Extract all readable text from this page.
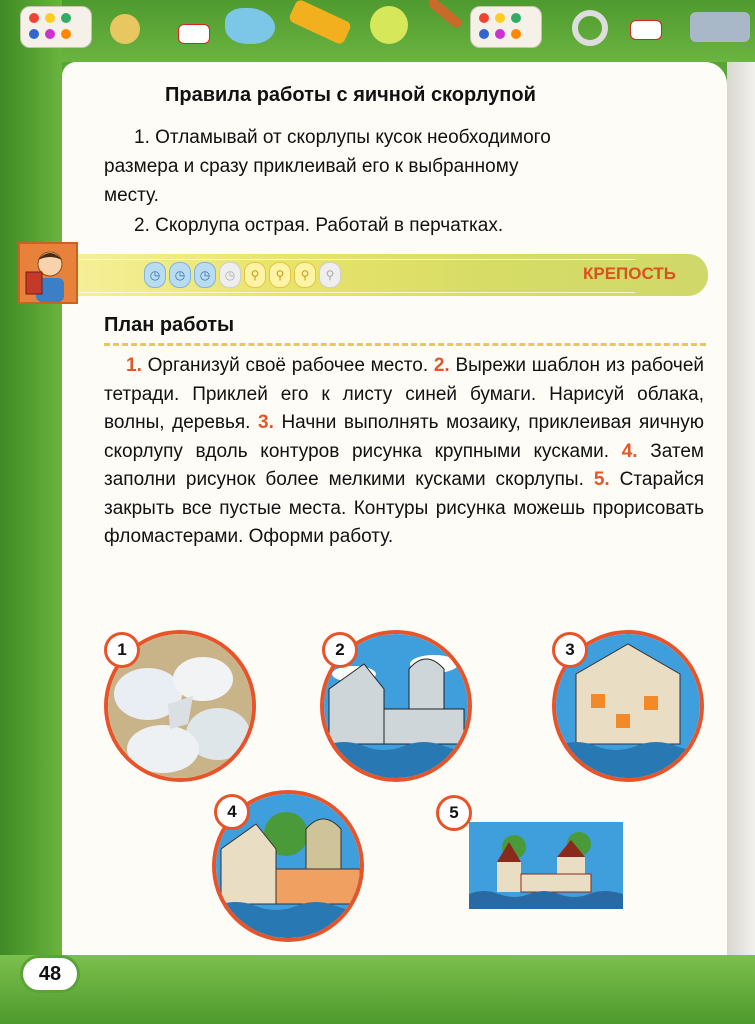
Правила работы с яичной скорлупой
1. Отламывай от скорлупы кусок необходимого
размера и сразу приклеивай его к выбранному
месту.
2. Скорлупа острая. Работай в перчатках.
◷	◷	◷	◷	⚲	⚲	⚲	⚲	КРЕПОСТЬ
План работы

1. Организуй своё рабочее место. 2. Вырежи шаблон из рабочей тетради. Приклей его к листу синей бумаги. Нарисуй облака, волны, деревья. 3. Начни выполнять мозаику, приклеивая яичную скорлупу вдоль контуров рисунка крупными кусками. 4. Затем заполни рисунок более мелкими кусками скорлупы. 5. Старайся закрыть все пустые места. Контуры рисунка можешь прорисовать фломастерами. Оформи работу.

1	2	3
4	5
48
